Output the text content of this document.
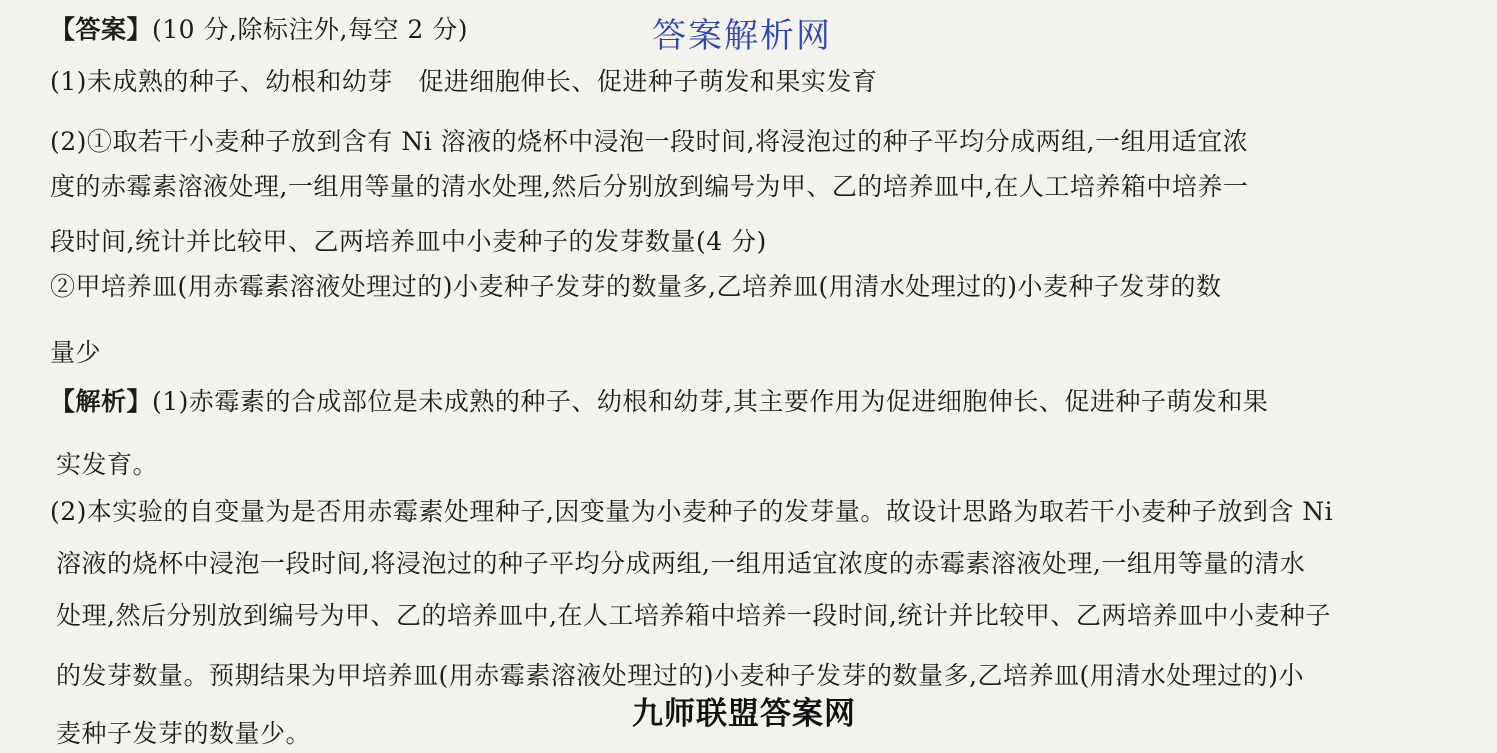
【答案】(10 分,除标注外,每空 2 分)	答案解析网
(1)未成熟的种子、幼根和幼芽　促进细胞伸长、促进种子萌发和果实发育
(2)①取若干小麦种子放到含有 Ni 溶液的烧杯中浸泡一段时间,将浸泡过的种子平均分成两组,一组用适宜浓
度的赤霉素溶液处理,一组用等量的清水处理,然后分别放到编号为甲、乙的培养皿中,在人工培养箱中培养一
段时间,统计并比较甲、乙两培养皿中小麦种子的发芽数量(4 分)
②甲培养皿(用赤霉素溶液处理过的)小麦种子发芽的数量多,乙培养皿(用清水处理过的)小麦种子发芽的数
量少
【解析】(1)赤霉素的合成部位是未成熟的种子、幼根和幼芽,其主要作用为促进细胞伸长、促进种子萌发和果
实发育。
(2)本实验的自变量为是否用赤霉素处理种子,因变量为小麦种子的发芽量。故设计思路为取若干小麦种子放到含 Ni
溶液的烧杯中浸泡一段时间,将浸泡过的种子平均分成两组,一组用适宜浓度的赤霉素溶液处理,一组用等量的清水
处理,然后分别放到编号为甲、乙的培养皿中,在人工培养箱中培养一段时间,统计并比较甲、乙两培养皿中小麦种子
的发芽数量。预期结果为甲培养皿(用赤霉素溶液处理过的)小麦种子发芽的数量多,乙培养皿(用清水处理过的)小
麦种子发芽的数量少。
九师联盟答案网
